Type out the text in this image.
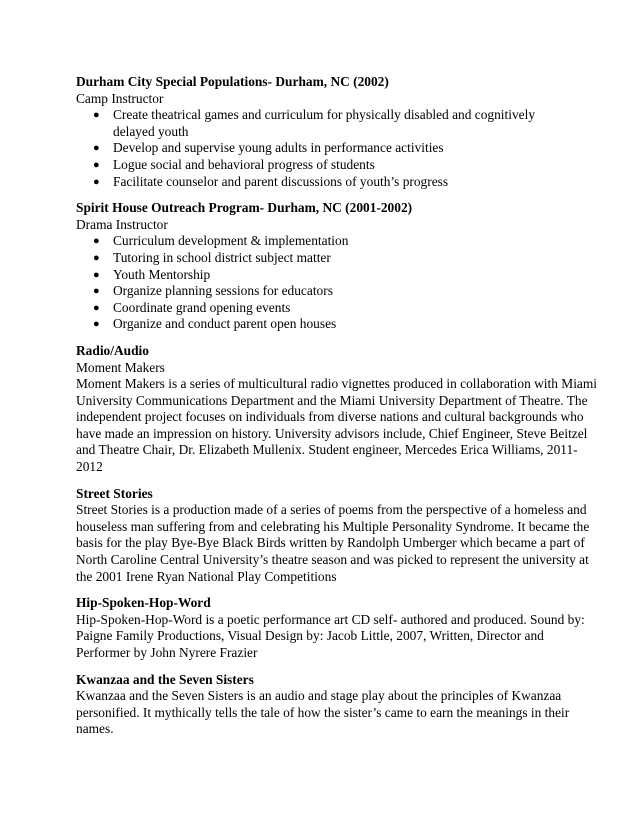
Durham City Special Populations- Durham, NC (2002)
Camp Instructor
● Create theatrical games and curriculum for physically disabled and cognitively delayed youth
● Develop and supervise young adults in performance activities
● Logue social and behavioral progress of students
● Facilitate counselor and parent discussions of youth’s progress
Spirit House Outreach Program- Durham, NC (2001-2002)
Drama Instructor
● Curriculum development & implementation
● Tutoring in school district subject matter
● Youth Mentorship
● Organize planning sessions for educators
● Coordinate grand opening events
● Organize and conduct parent open houses
Radio/Audio
Moment Makers

Moment Makers is a series of multicultural radio vignettes produced in collaboration with Miami
University Communications Department and the Miami University Department of Theatre. The
independent project focuses on individuals from diverse nations and cultural backgrounds who
have made an impression on history. University advisors include, Chief Engineer, Steve Beitzel
and Theatre Chair, Dr. Elizabeth Mullenix. Student engineer, Mercedes Erica Williams, 2011-
2012

Street Stories

Street Stories is a production made of a series of poems from the perspective of a homeless and
houseless man suffering from and celebrating his Multiple Personality Syndrome. It became the
basis for the play Bye-Bye Black Birds written by Randolph Umberger which became a part of
North Caroline Central University’s theatre season and was picked to represent the university at
the 2001 Irene Ryan National Play Competitions

Hip-Spoken-Hop-Word

Hip-Spoken-Hop-Word is a poetic performance art CD self- authored and produced. Sound by:
Paigne Family Productions, Visual Design by: Jacob Little, 2007, Written, Director and
Performer by John Nyrere Frazier

Kwanzaa and the Seven Sisters

Kwanzaa and the Seven Sisters is an audio and stage play about the principles of Kwanzaa
personified. It mythically tells the tale of how the sister’s came to earn the meanings in their
names.
